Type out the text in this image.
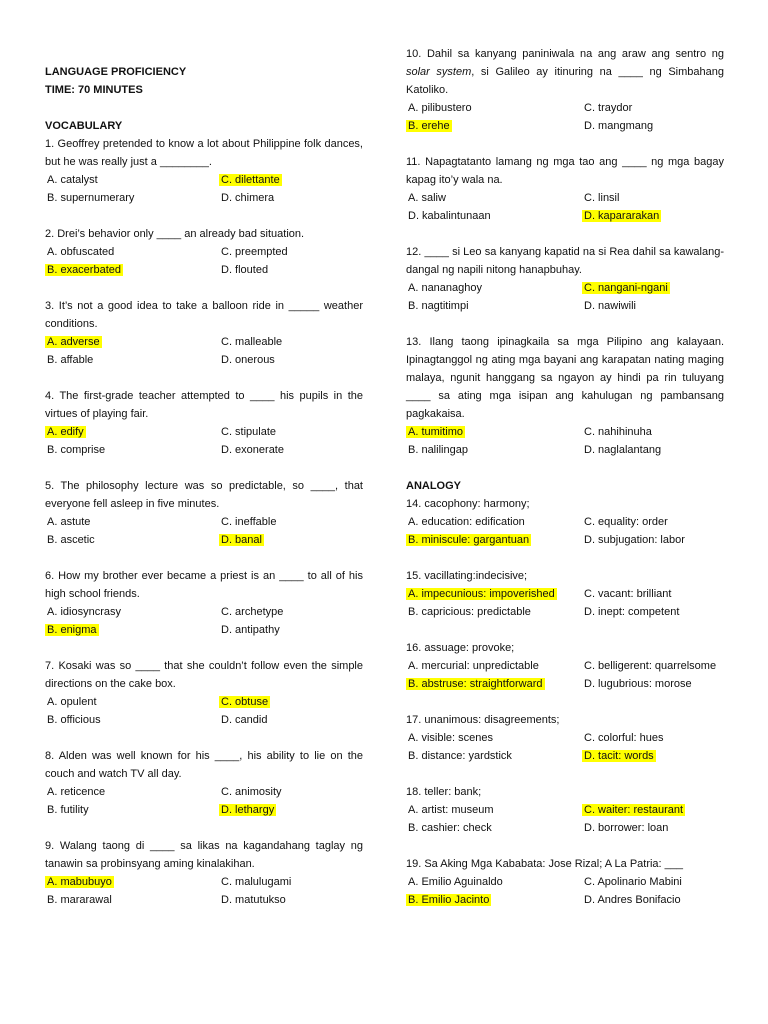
LANGUAGE PROFICIENCY
TIME: 70 MINUTES
VOCABULARY
1. Geoffrey pretended to know a lot about Philippine folk dances, but he was really just a ________.
A. catalyst	C. dilettante
B. supernumerary	D. chimera
2. Drei’s behavior only ____ an already bad situation.
A. obfuscated	C. preempted
B. exacerbated	D. flouted
3. It’s not a good idea to take a balloon ride in _____ weather conditions.
A. adverse	C. malleable
B. affable	D. onerous
4. The first-grade teacher attempted to ____ his pupils in the virtues of playing fair.
A. edify	C. stipulate
B. comprise	D. exonerate
5. The philosophy lecture was so predictable, so ____, that everyone fell asleep in five minutes.
A. astute	C. ineffable
B. ascetic	D. banal
6. How my brother ever became a priest is an ____ to all of his high school friends.
A. idiosyncrasy	C. archetype
B. enigma	D. antipathy
7. Kosaki was so ____ that she couldn’t follow even the simple directions on the cake box.
A. opulent	C. obtuse
B. officious	D. candid
8. Alden was well known for his ____, his ability to lie on the couch and watch TV all day.
A. reticence	C. animosity
B. futility	D. lethargy
9. Walang taong di ____ sa likas na kagandahang taglay ng tanawin sa probinsyang aming kinalakihan.
A. mabubuyo	C. malulugami
B. mararawal	D. matutukso
10. Dahil sa kanyang paniniwala na ang araw ang sentro ng solar system, si Galileo ay itinuring na ____ ng Simbahang Katoliko.
A. pilibustero	C. traydor
B. erehe	D. mangmang
11. Napagtatanto lamang ng mga tao ang ____ ng mga bagay kapag ito’y wala na.
A. saliw	C. linsil
D. kabalintunaan	D. kapararakan
12. ____ si Leo sa kanyang kapatid na si Rea dahil sa kawalang-dangal ng napili nitong hanapbuhay.
A. nananaghoy	C. nangani-ngani
B. nagtitimpi	D. nawiwili
13. Ilang taong ipinagkaila sa mga Pilipino ang kalayaan. Ipinagtanggol ng ating mga bayani ang karapatan nating maging malaya, ngunit hanggang sa ngayon ay hindi pa rin tuluyang ____ sa ating mga isipan ang kahulugan ng pambansang pagkakaisa.
A. tumitimo	C. nahihinuha
B. nalilingap	D. naglalantang
ANALOGY
14. cacophony: harmony;
A. education: edification	C. equality: order
B. miniscule: gargantuan	D. subjugation: labor
15. vacillating:indecisive;
A. impecunious: impoverished	C. vacant: brilliant
B. capricious: predictable	D. inept: competent
16. assuage: provoke;
A. mercurial: unpredictable	C. belligerent: quarrelsome
B. abstruse: straightforward	D. lugubrious: morose
17. unanimous: disagreements;
A. visible: scenes	C. colorful: hues
B. distance: yardstick	D. tacit: words
18. teller: bank;
A. artist: museum	C. waiter: restaurant
B. cashier: check	D. borrower: loan
19. Sa Aking Mga Kababata: Jose Rizal; A La Patria: ___
A. Emilio Aguinaldo	C. Apolinario Mabini
B. Emilio Jacinto	D. Andres Bonifacio
